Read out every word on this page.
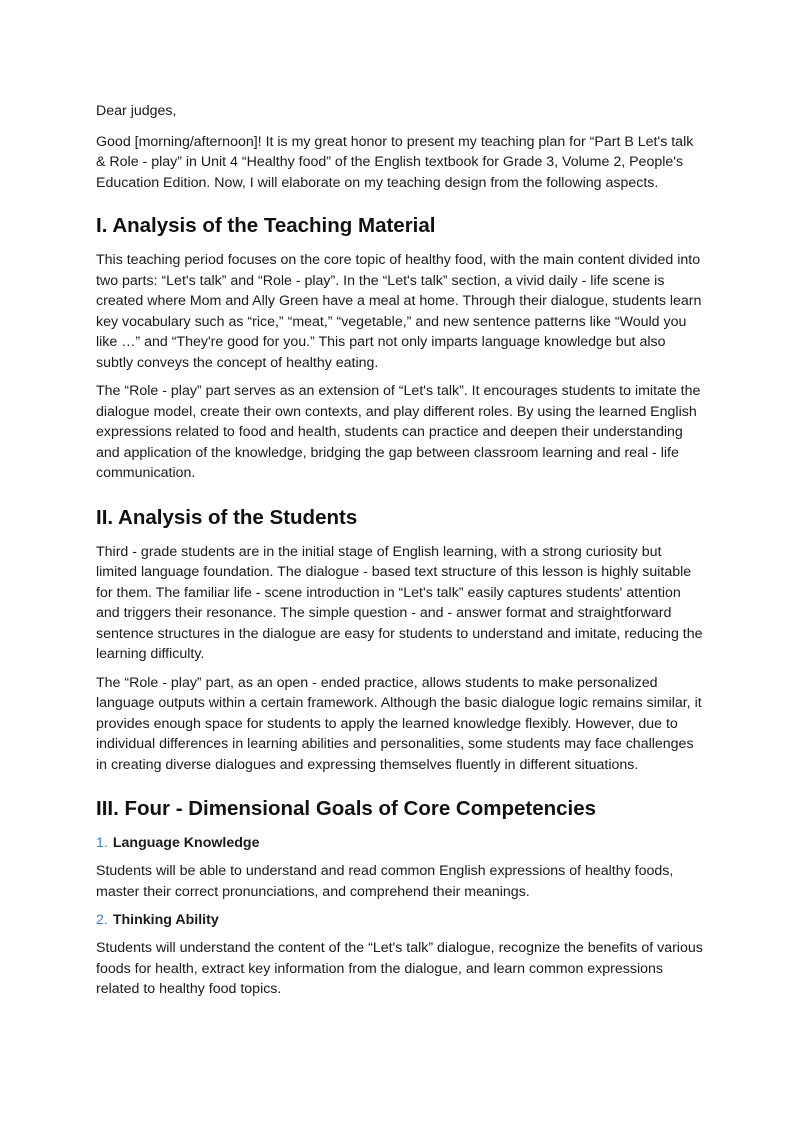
Dear judges,

Good [morning/afternoon]! It is my great honor to present my teaching plan for “Part B Let's talk & Role - play” in Unit 4 “Healthy food” of the English textbook for Grade 3, Volume 2, People's Education Edition. Now, I will elaborate on my teaching design from the following aspects.

I. Analysis of the Teaching Material

This teaching period focuses on the core topic of healthy food, with the main content divided into two parts: “Let's talk” and “Role - play”. In the “Let's talk” section, a vivid daily - life scene is created where Mom and Ally Green have a meal at home. Through their dialogue, students learn key vocabulary such as “rice,” “meat,” “vegetable,” and new sentence patterns like “Would you like …” and “They're good for you.” This part not only imparts language knowledge but also subtly conveys the concept of healthy eating.

The “Role - play” part serves as an extension of “Let's talk”. It encourages students to imitate the dialogue model, create their own contexts, and play different roles. By using the learned English expressions related to food and health, students can practice and deepen their understanding and application of the knowledge, bridging the gap between classroom learning and real - life communication.

II. Analysis of the Students

Third - grade students are in the initial stage of English learning, with a strong curiosity but limited language foundation. The dialogue - based text structure of this lesson is highly suitable for them. The familiar life - scene introduction in “Let's talk” easily captures students' attention and triggers their resonance. The simple question - and - answer format and straightforward sentence structures in the dialogue are easy for students to understand and imitate, reducing the learning difficulty.

The “Role - play” part, as an open - ended practice, allows students to make personalized language outputs within a certain framework. Although the basic dialogue logic remains similar, it provides enough space for students to apply the learned knowledge flexibly. However, due to individual differences in learning abilities and personalities, some students may face challenges in creating diverse dialogues and expressing themselves fluently in different situations.

III. Four - Dimensional Goals of Core Competencies
1. Language Knowledge

Students will be able to understand and read common English expressions of healthy foods, master their correct pronunciations, and comprehend their meanings.

2. Thinking Ability

Students will understand the content of the “Let's talk” dialogue, recognize the benefits of various foods for health, extract key information from the dialogue, and learn common expressions related to healthy food topics.
